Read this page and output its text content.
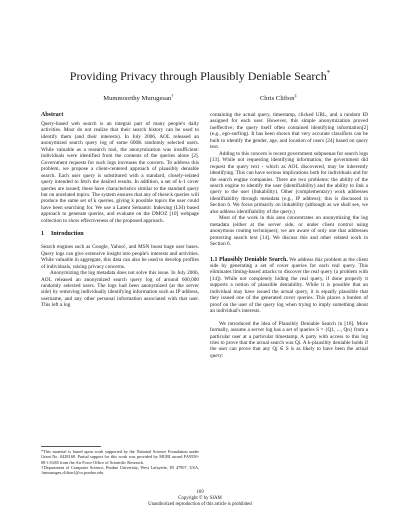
Providing Privacy through Plausibly Deniable Search*
Mummoorthy Murugesan†	Chris Clifton‡
Abstract

Query-based web search is an integral part of many people's daily activities. Most do not realize that their search history can be used to identify them (and their interests). In July 2006, AOL released an anonymized search query log of some 600K randomly selected users. While valuable as a research tool, the anonymization was insufficient: individuals were identified from the contents of the queries alone [2]. Government requests for such logs increases the concern. To address this problem, we propose a client-centered approach of plausibly deniable search. Each user query is substituted with a standard, closely-related query intended to fetch the desired results. In addition, a set of k-1 cover queries are issued; these have characteristics similar to the standard query but on unrelated topics. The system ensures that any of these k queries will produce the same set of k queries, giving k possible topics the user could have been searching for. We use a Latent Semantic Indexing (LSI) based approach to generate queries, and evaluate on the DMOZ [10] webpage collection to show effectiveness of the proposed approach.

1 Introduction

Search engines such as Google, Yahoo!, and MSN boast huge user bases. Query logs can give extensive insight into people's interests and activities. While valuable in aggregate, this data can also be used to develop profiles of individuals, raising privacy concerns.

Anonymizing the log metadata does not solve this issue. In July 2006, AOL released an anonymized search query log of around 600,000 randomly selected users. The logs had been anonymized (at the server side) by removing individually identifying information such as IP address, username, and any other personal information associated with that user. This left a log

*This material is based upon work supported by the National Science Foundation under Grant No. 0428168. Partial support for this work was provided by MURI award FA9550-08-1-0265 from the Air Force Office of Scientific Research.

†Department of Computer Science, Purdue University, West Lafayette, IN 47907, USA, {mmuruges,clifton}@cs.purdue.edu

containing the actual query, timestamp, clicked URL, and a random ID assigned for each user. However, this simple anonymization proved ineffective; the query itself often contained identifying information[2] (e.g., ego-surfing). It has been shown that very accurate classifiers can be built to identify the gender, age, and location of users [24] based on query text.

Adding to this concern is recent government subpoenas for search logs [13]. While not requesting identifying information, the government did request the query text - which as AOL discovered, may be inherently identifying. This can have serious implications both for individuals and for the search engine companies. There are two problems: the ability of the search engine to identify the user (identifiability) and the ability to link a query to the user (linkability). Other (complementary) work addresses identifiability through metadata (e.g., IP address); this is discussed in Section 6. We focus primarily on linkability (although as we shall see, we also address identifiability of the query.)

Most of the work in this area concentrates on anonymizing the log metadata (either at the server side, or under client control using anonymous routing techniques); we are aware of only one that addresses protecting search text [14]. We discuss this and other related work in Section 6.

1.1 Plausibly Deniable Search. We address this problem at the client side by generating a set of cover queries for each real query. This eliminates timing-based attacks to discover the real query (a problem with [14]). While not completely hiding the real query, if done properly it supports a notion of plausible deniability. While it is possible that an individual may have issued the actual query, it is equally plausible that they issued one of the generated cover queries. This places a burden of proof on the user of the query log when trying to imply something about an individual's interests.

We introduced the idea of Plausibly Deniable Search in [16]. More formally, assume a server log has a set of queries S = {Q1, ..., Qn} from a particular user at a particular timestamp. A party with access to this log tries to prove that the actual search was Qi. A k-plausibly deniable holds if the user can prove that any Qj ∈ S is as likely to have been the actual query:

169
Copyright © by SIAM
Unauthorized reproduction of this article is prohibited
